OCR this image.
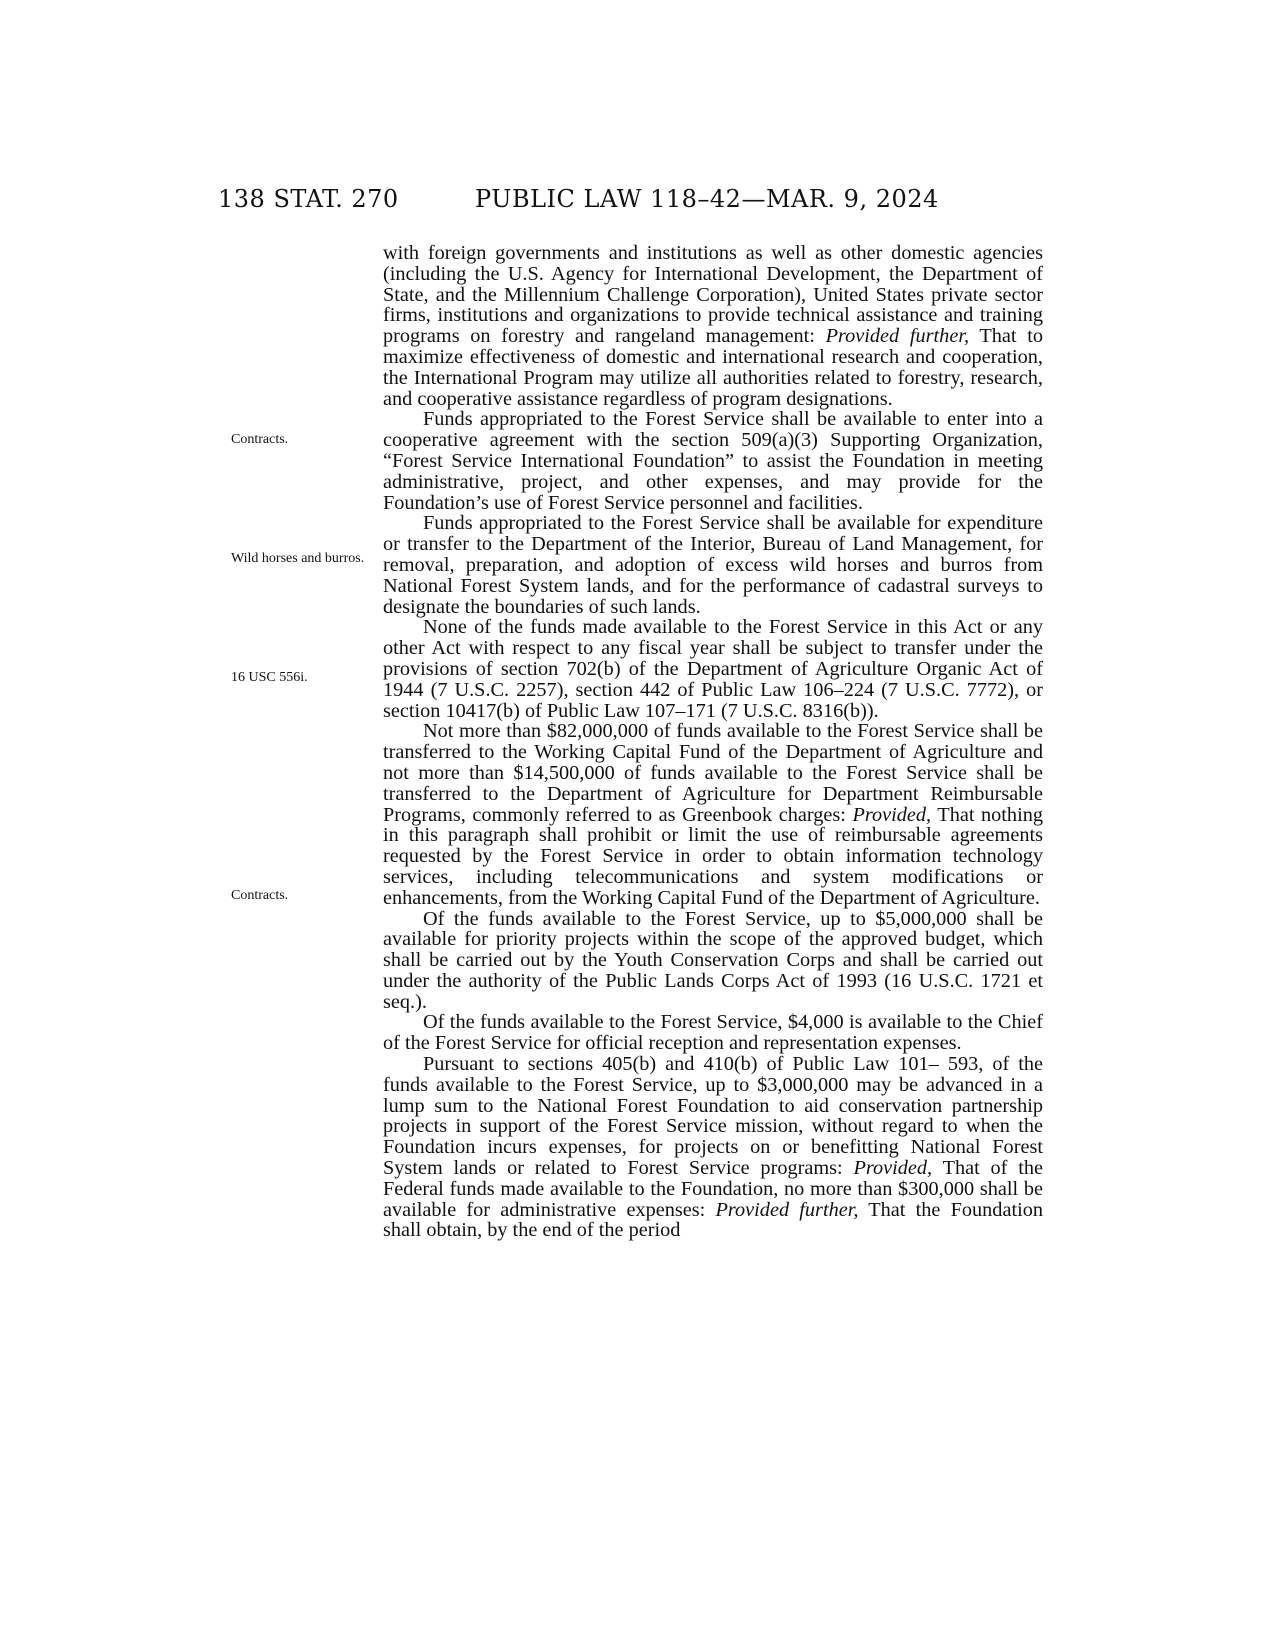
138 STAT. 270	PUBLIC LAW 118–42—MAR. 9, 2024
Contracts.
Wild horses and burros.
16 USC 556i.
Contracts.

with foreign governments and institutions as well as other domestic agencies (including the U.S. Agency for International Development, the Department of State, and the Millennium Challenge Corporation), United States private sector firms, institutions and organizations to provide technical assistance and training programs on forestry and rangeland management: Provided further, That to maximize effectiveness of domestic and international research and cooperation, the International Program may utilize all authorities related to forestry, research, and cooperative assistance regardless of program designations.

Funds appropriated to the Forest Service shall be available to enter into a cooperative agreement with the section 509(a)(3) Supporting Organization, “Forest Service International Foundation” to assist the Foundation in meeting administrative, project, and other expenses, and may provide for the Foundation’s use of Forest Service personnel and facilities.

Funds appropriated to the Forest Service shall be available for expenditure or transfer to the Department of the Interior, Bureau of Land Management, for removal, preparation, and adoption of excess wild horses and burros from National Forest System lands, and for the performance of cadastral surveys to designate the boundaries of such lands.

None of the funds made available to the Forest Service in this Act or any other Act with respect to any fiscal year shall be subject to transfer under the provisions of section 702(b) of the Department of Agriculture Organic Act of 1944 (7 U.S.C. 2257), section 442 of Public Law 106–224 (7 U.S.C. 7772), or section 10417(b) of Public Law 107–171 (7 U.S.C. 8316(b)).

Not more than $82,000,000 of funds available to the Forest Service shall be transferred to the Working Capital Fund of the Department of Agriculture and not more than $14,500,000 of funds available to the Forest Service shall be transferred to the Department of Agriculture for Department Reimbursable Programs, commonly referred to as Greenbook charges: Provided, That nothing in this paragraph shall prohibit or limit the use of reimbursable agreements requested by the Forest Service in order to obtain information technology services, including telecommunications and system modifications or enhancements, from the Working Capital Fund of the Department of Agriculture.

Of the funds available to the Forest Service, up to $5,000,000 shall be available for priority projects within the scope of the approved budget, which shall be carried out by the Youth Conservation Corps and shall be carried out under the authority of the Public Lands Corps Act of 1993 (16 U.S.C. 1721 et seq.).

Of the funds available to the Forest Service, $4,000 is available to the Chief of the Forest Service for official reception and representation expenses.

Pursuant to sections 405(b) and 410(b) of Public Law 101– 593, of the funds available to the Forest Service, up to $3,000,000 may be advanced in a lump sum to the National Forest Foundation to aid conservation partnership projects in support of the Forest Service mission, without regard to when the Foundation incurs expenses, for projects on or benefitting National Forest System lands or related to Forest Service programs: Provided, That of the Federal funds made available to the Foundation, no more than $300,000 shall be available for administrative expenses: Provided further, That the Foundation shall obtain, by the end of the period
